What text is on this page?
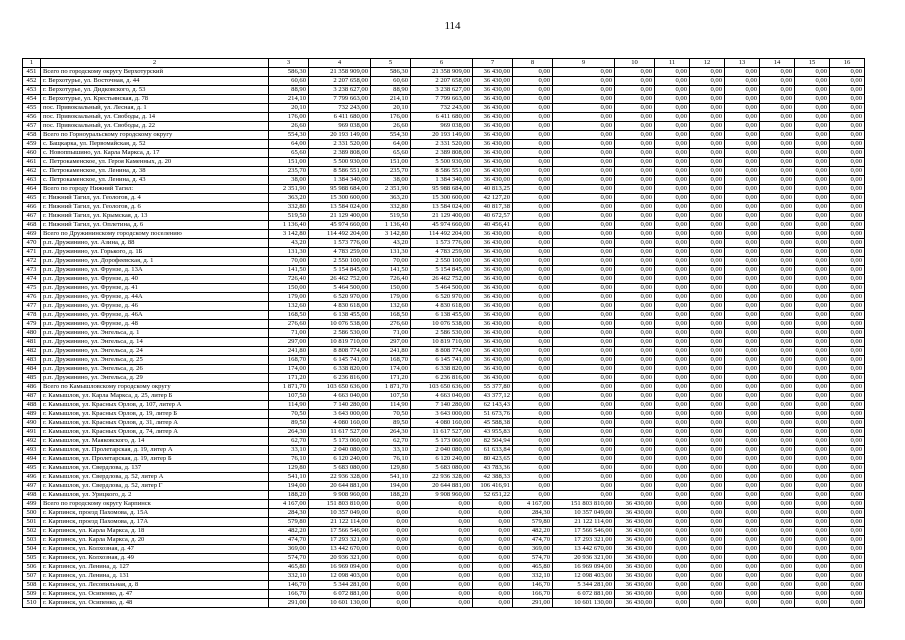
114
1	2	3	4	5	6	7	8	9	10	11	12	13	14	15	16
451	Всего по городскому округу Верхотурский	586,30	21 358 909,00	586,30	21 358 909,00	36 430,00	0,00	0,00	0,00	0,00	0,00	0,00	0,00	0,00	0,00
452	г. Верхотурье, ул. Восточная, д. 44	60,60	2 207 658,00	60,60	2 207 658,00	36 430,00	0,00	0,00	0,00	0,00	0,00	0,00	0,00	0,00	0,00
453	г. Верхотурье, ул. Дидковского, д. 53	88,90	3 238 627,00	88,90	3 238 627,00	36 430,00	0,00	0,00	0,00	0,00	0,00	0,00	0,00	0,00	0,00
454	г. Верхотурье, ул. Крестьянская, д. 78	214,10	7 799 663,00	214,10	7 799 663,00	36 430,00	0,00	0,00	0,00	0,00	0,00	0,00	0,00	0,00	0,00
455	пос. Привокзальный, ул. Лесная, д. 1	20,10	732 243,00	20,10	732 243,00	36 430,00	0,00	0,00	0,00	0,00	0,00	0,00	0,00	0,00	0,00
456	пос. Привокзальный, ул. Свободы, д. 14	176,00	6 411 680,00	176,00	6 411 680,00	36 430,00	0,00	0,00	0,00	0,00	0,00	0,00	0,00	0,00	0,00
457	пос. Привокзальный, ул. Свободы, д. 22	26,60	969 038,00	26,60	969 038,00	36 430,00	0,00	0,00	0,00	0,00	0,00	0,00	0,00	0,00	0,00
458	Всего по Горноуральскому городскому округу	554,30	20 193 149,00	554,30	20 193 149,00	36 430,00	0,00	0,00	0,00	0,00	0,00	0,00	0,00	0,00	0,00
459	с. Бащкарка, ул. Первомайская, д. 52	64,00	2 331 520,00	64,00	2 331 520,00	36 430,00	0,00	0,00	0,00	0,00	0,00	0,00	0,00	0,00	0,00
460	с. Новоппышино, ул. Карла Маркса, д. 17	65,60	2 389 808,00	65,60	2 389 808,00	36 430,00	0,00	0,00	0,00	0,00	0,00	0,00	0,00	0,00	0,00
461	с. Петрокаменское, ул. Героя Каменных, д. 20	151,00	5 500 930,00	151,00	5 500 930,00	36 430,00	0,00	0,00	0,00	0,00	0,00	0,00	0,00	0,00	0,00
462	с. Петрокаменское, ул. Ленина, д. 38	235,70	8 586 551,00	235,70	8 586 551,00	36 430,00	0,00	0,00	0,00	0,00	0,00	0,00	0,00	0,00	0,00
463	с. Петрокаменское, ул. Ленина, д. 43	38,00	1 384 340,00	38,00	1 384 340,00	36 430,00	0,00	0,00	0,00	0,00	0,00	0,00	0,00	0,00	0,00
464	Всего по городу Нижний Тагил:	2 351,90	95 988 684,00	2 351,90	95 988 684,00	40 813,25	0,00	0,00	0,00	0,00	0,00	0,00	0,00	0,00	0,00
465	г. Нижний Тагил, ул. Геологов, д. 4	363,20	15 300 600,00	363,20	15 300 600,00	42 127,20	0,00	0,00	0,00	0,00	0,00	0,00	0,00	0,00	0,00
466	г. Нижний Тагил, ул. Геологов, д. 6	332,80	13 584 024,00	332,80	13 584 024,00	40 817,38	0,00	0,00	0,00	0,00	0,00	0,00	0,00	0,00	0,00
467	г. Нижний Тагил, ул. Крымская, д. 13	519,50	21 129 400,00	519,50	21 129 400,00	40 672,57	0,00	0,00	0,00	0,00	0,00	0,00	0,00	0,00	0,00
468	г. Нижний Тагил, ул. Оплетина, д. 6	1 136,40	45 974 660,00	1 136,40	45 974 660,00	40 456,41	0,00	0,00	0,00	0,00	0,00	0,00	0,00	0,00	0,00
469	Всего по Дружининскому городскому поселению	3 142,80	114 492 204,00	3 142,80	114 492 204,00	36 430,00	0,00	0,00	0,00	0,00	0,00	0,00	0,00	0,00	0,00
470	р.п. Дружинино, ул. Азина, д. 88	43,20	1 573 776,00	43,20	1 573 776,00	36 430,00	0,00	0,00	0,00	0,00	0,00	0,00	0,00	0,00	0,00
471	р.п. Дружинино, ул. Горького, д. 1Б	131,30	4 783 259,00	131,30	4 783 259,00	36 430,00	0,00	0,00	0,00	0,00	0,00	0,00	0,00	0,00	0,00
472	р.п. Дружинино, ул. Дорофеевская, д. 1	70,00	2 550 100,00	70,00	2 550 100,00	36 430,00	0,00	0,00	0,00	0,00	0,00	0,00	0,00	0,00	0,00
473	р.п. Дружинино, ул. Фрунзе, д. 13А	141,50	5 154 845,00	141,50	5 154 845,00	36 430,00	0,00	0,00	0,00	0,00	0,00	0,00	0,00	0,00	0,00
474	р.п. Дружинино, ул. Фрунзе, д. 40	726,40	26 462 752,00	726,40	26 462 752,00	36 430,00	0,00	0,00	0,00	0,00	0,00	0,00	0,00	0,00	0,00
475	р.п. Дружинино, ул. Фрунзе, д. 41	150,00	5 464 500,00	150,00	5 464 500,00	36 430,00	0,00	0,00	0,00	0,00	0,00	0,00	0,00	0,00	0,00
476	р.п. Дружинино, ул. Фрунзе, д. 44А	179,00	6 520 970,00	179,00	6 520 970,00	36 430,00	0,00	0,00	0,00	0,00	0,00	0,00	0,00	0,00	0,00
477	р.п. Дружинино, ул. Фрунзе, д. 46	132,60	4 830 618,00	132,60	4 830 618,00	36 430,00	0,00	0,00	0,00	0,00	0,00	0,00	0,00	0,00	0,00
478	р.п. Дружинино, ул. Фрунзе, д. 46А	168,50	6 138 455,00	168,50	6 138 455,00	36 430,00	0,00	0,00	0,00	0,00	0,00	0,00	0,00	0,00	0,00
479	р.п. Дружинино, ул. Фрунзе, д. 48	276,60	10 076 538,00	276,60	10 076 538,00	36 430,00	0,00	0,00	0,00	0,00	0,00	0,00	0,00	0,00	0,00
480	р.п. Дружинино, ул. Энгельса, д. 1	71,00	2 586 530,00	71,00	2 586 530,00	36 430,00	0,00	0,00	0,00	0,00	0,00	0,00	0,00	0,00	0,00
481	р.п. Дружинино, ул. Энгельса, д. 14	297,00	10 819 710,00	297,00	10 819 710,00	36 430,00	0,00	0,00	0,00	0,00	0,00	0,00	0,00	0,00	0,00
482	р.п. Дружинино, ул. Энгельса, д. 24	241,80	8 808 774,00	241,80	8 808 774,00	36 430,00	0,00	0,00	0,00	0,00	0,00	0,00	0,00	0,00	0,00
483	р.п. Дружинино, ул. Энгельса, д. 25	168,70	6 145 741,00	168,70	6 145 741,00	36 430,00	0,00	0,00	0,00	0,00	0,00	0,00	0,00	0,00	0,00
484	р.п. Дружинино, ул. Энгельса, д. 26	174,00	6 338 820,00	174,00	6 338 820,00	36 430,00	0,00	0,00	0,00	0,00	0,00	0,00	0,00	0,00	0,00
485	р.п. Дружинино, ул. Энгельса, д. 29	171,20	6 236 816,00	171,20	6 236 816,00	36 430,00	0,00	0,00	0,00	0,00	0,00	0,00	0,00	0,00	0,00
486	Всего по Камышловскому городскому округу	1 871,70	103 650 636,00	1 871,70	103 650 636,00	55 377,80	0,00	0,00	0,00	0,00	0,00	0,00	0,00	0,00	0,00
487	г. Камышлов, ул. Карла Маркса, д. 25, литер Б	107,50	4 663 040,00	107,50	4 663 040,00	43 377,12	0,00	0,00	0,00	0,00	0,00	0,00	0,00	0,00	0,00
488	г. Камышлов, ул. Красных Орлов, д. 107, литер А	114,90	7 140 280,00	114,90	7 140 280,00	62 143,43	0,00	0,00	0,00	0,00	0,00	0,00	0,00	0,00	0,00
489	г. Камышлов, ул. Красных Орлов, д. 19, литер Б	70,50	3 643 000,00	70,50	3 643 000,00	51 673,76	0,00	0,00	0,00	0,00	0,00	0,00	0,00	0,00	0,00
490	г. Камышлов, ул. Красных Орлов, д. 31, литер А	89,50	4 080 160,00	89,50	4 080 160,00	45 588,38	0,00	0,00	0,00	0,00	0,00	0,00	0,00	0,00	0,00
491	г. Камышлов, ул. Красных Орлов, д. 74, литер А	264,30	11 617 527,00	264,30	11 617 527,00	43 955,83	0,00	0,00	0,00	0,00	0,00	0,00	0,00	0,00	0,00
492	г. Камышлов, ул. Маяковского, д. 14	62,70	5 173 060,00	62,70	5 173 060,00	82 504,94	0,00	0,00	0,00	0,00	0,00	0,00	0,00	0,00	0,00
493	г. Камышлов, ул. Пролетарская, д. 19, литер А	33,10	2 040 080,00	33,10	2 040 080,00	61 633,84	0,00	0,00	0,00	0,00	0,00	0,00	0,00	0,00	0,00
494	г. Камышлов, ул. Пролетарская, д. 19, литер Б	76,10	6 120 240,00	76,10	6 120 240,00	80 423,65	0,00	0,00	0,00	0,00	0,00	0,00	0,00	0,00	0,00
495	г. Камышлов, ул. Свердлова, д. 137	129,80	5 683 080,00	129,80	5 683 080,00	43 783,36	0,00	0,00	0,00	0,00	0,00	0,00	0,00	0,00	0,00
496	г. Камышлов, ул. Свердлова, д. 52, литер А	541,10	22 936 328,00	541,10	22 936 328,00	42 388,33	0,00	0,00	0,00	0,00	0,00	0,00	0,00	0,00	0,00
497	г. Камышлов, ул. Свердлова, д. 52, литер Г	194,00	20 644 881,00	194,00	20 644 881,00	106 416,91	0,00	0,00	0,00	0,00	0,00	0,00	0,00	0,00	0,00
498	г. Камышлов, ул. Урицкого, д. 2	188,20	9 908 960,00	188,20	9 908 960,00	52 651,22	0,00	0,00	0,00	0,00	0,00	0,00	0,00	0,00	0,00
499	Всего по городскому округу Карпинск	4 167,00	151 803 810,00	0,00	0,00	0,00	4 167,00	151 803 810,00	36 430,00	0,00	0,00	0,00	0,00	0,00	0,00
500	г. Карпинск, проезд Пахомова, д. 15А	284,30	10 357 049,00	0,00	0,00	0,00	284,30	10 357 049,00	36 430,00	0,00	0,00	0,00	0,00	0,00	0,00
501	г. Карпинск, проезд Пахомова, д. 17А	579,80	21 122 114,00	0,00	0,00	0,00	579,80	21 122 114,00	36 430,00	0,00	0,00	0,00	0,00	0,00	0,00
502	г. Карпинск, ул. Карла Маркса, д. 18	482,20	17 566 546,00	0,00	0,00	0,00	482,20	17 566 546,00	36 430,00	0,00	0,00	0,00	0,00	0,00	0,00
503	г. Карпинск, ул. Карла Маркса, д. 20	474,70	17 293 321,00	0,00	0,00	0,00	474,70	17 293 321,00	36 430,00	0,00	0,00	0,00	0,00	0,00	0,00
504	г. Карпинск, ул. Колхозная, д. 47	369,00	13 442 670,00	0,00	0,00	0,00	369,00	13 442 670,00	36 430,00	0,00	0,00	0,00	0,00	0,00	0,00
505	г. Карпинск, ул. Колхозная, д. 49	574,70	20 936 321,00	0,00	0,00	0,00	574,70	20 936 321,00	36 430,00	0,00	0,00	0,00	0,00	0,00	0,00
506	г. Карпинск, ул. Ленина, д. 127	465,80	16 969 094,00	0,00	0,00	0,00	465,80	16 969 094,00	36 430,00	0,00	0,00	0,00	0,00	0,00	0,00
507	г. Карпинск, ул. Ленина, д. 131	332,10	12 098 403,00	0,00	0,00	0,00	332,10	12 098 403,00	36 430,00	0,00	0,00	0,00	0,00	0,00	0,00
508	г. Карпинск, ул. Лесопильная, д. 8	146,70	5 344 281,00	0,00	0,00	0,00	146,70	5 344 281,00	36 430,00	0,00	0,00	0,00	0,00	0,00	0,00
509	г. Карпинск, ул. Осипенко, д. 47	166,70	6 072 881,00	0,00	0,00	0,00	166,70	6 072 881,00	36 430,00	0,00	0,00	0,00	0,00	0,00	0,00
510	г. Карпинск, ул. Осипенко, д. 48	291,00	10 601 130,00	0,00	0,00	0,00	291,00	10 601 130,00	36 430,00	0,00	0,00	0,00	0,00	0,00	0,00
